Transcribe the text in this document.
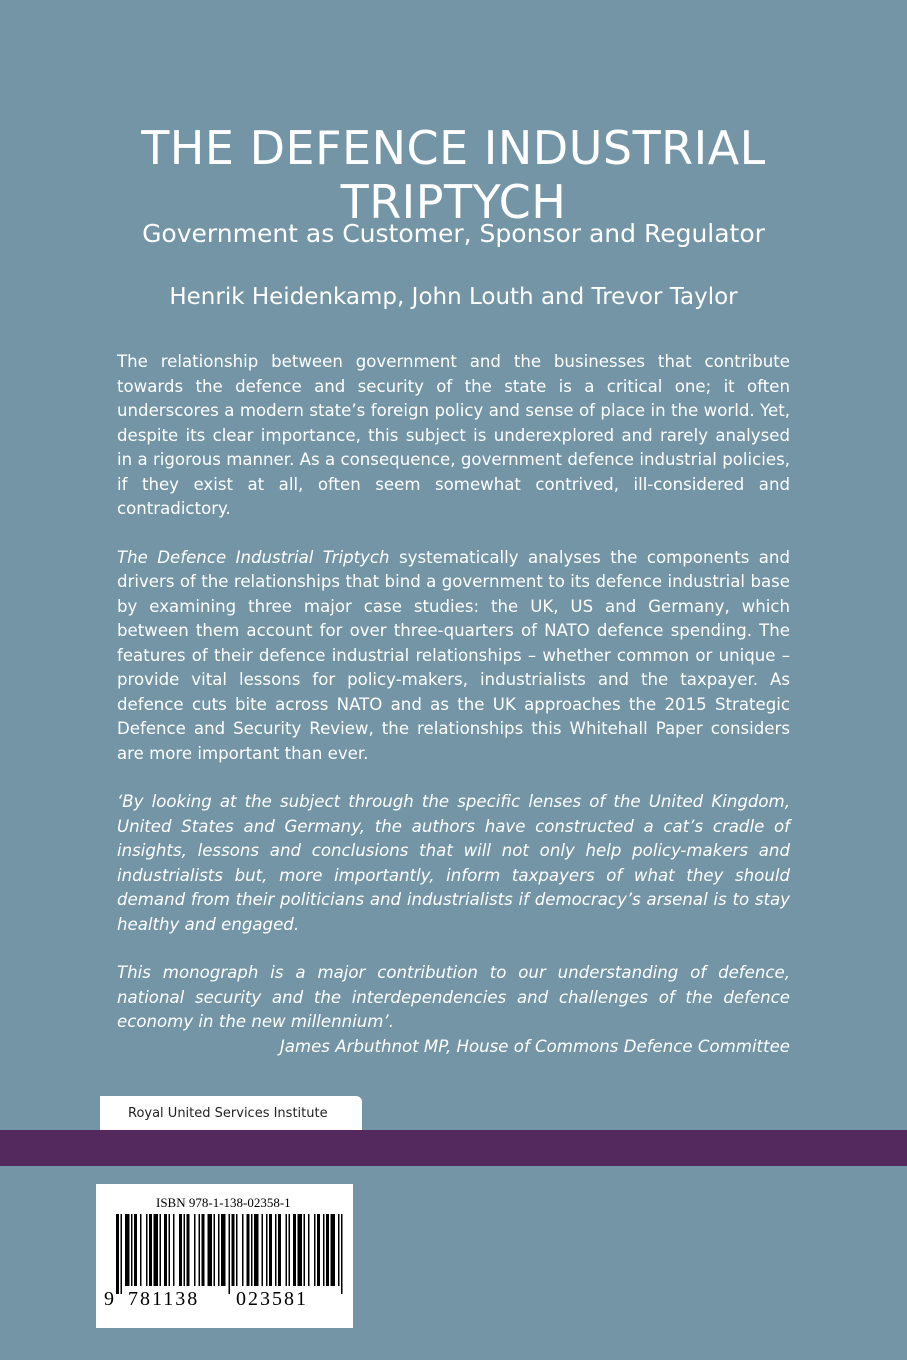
THE DEFENCE INDUSTRIAL
TRIPTYCH
Government as Customer, Sponsor and Regulator
Henrik Heidenkamp, John Louth and Trevor Taylor

The relationship between government and the businesses that contribute towards the defence and security of the state is a critical one; it often underscores a modern state’s foreign policy and sense of place in the world. Yet, despite its clear importance, this subject is underexplored and rarely analysed in a rigorous manner. As a consequence, government defence industrial policies, if they exist at all, often seem somewhat contrived, ill-considered and contradictory.

The Defence Industrial Triptych systematically analyses the components and drivers of the relationships that bind a government to its defence industrial base by examining three major case studies: the UK, US and Germany, which between them account for over three-quarters of NATO defence spending. The features of their defence industrial relationships – whether common or unique – provide vital lessons for policy-makers, industrialists and the taxpayer. As defence cuts bite across NATO and as the UK approaches the 2015 Strategic Defence and Security Review, the relationships this Whitehall Paper considers are more important than ever.

‘By looking at the subject through the specific lenses of the United Kingdom, United States and Germany, the authors have constructed a cat’s cradle of insights, lessons and conclusions that will not only help policy-makers and industrialists but, more importantly, inform taxpayers of what they should demand from their politicians and industrialists if democracy’s arsenal is to stay healthy and engaged.

This monograph is a major contribution to our understanding of defence, national security and the interdependencies and challenges of the defence economy in the new millennium’.

James Arbuthnot MP, House of Commons Defence Committee

Royal United Services Institute
ISBN 978-1-138-02358-1
9 781138 023581
